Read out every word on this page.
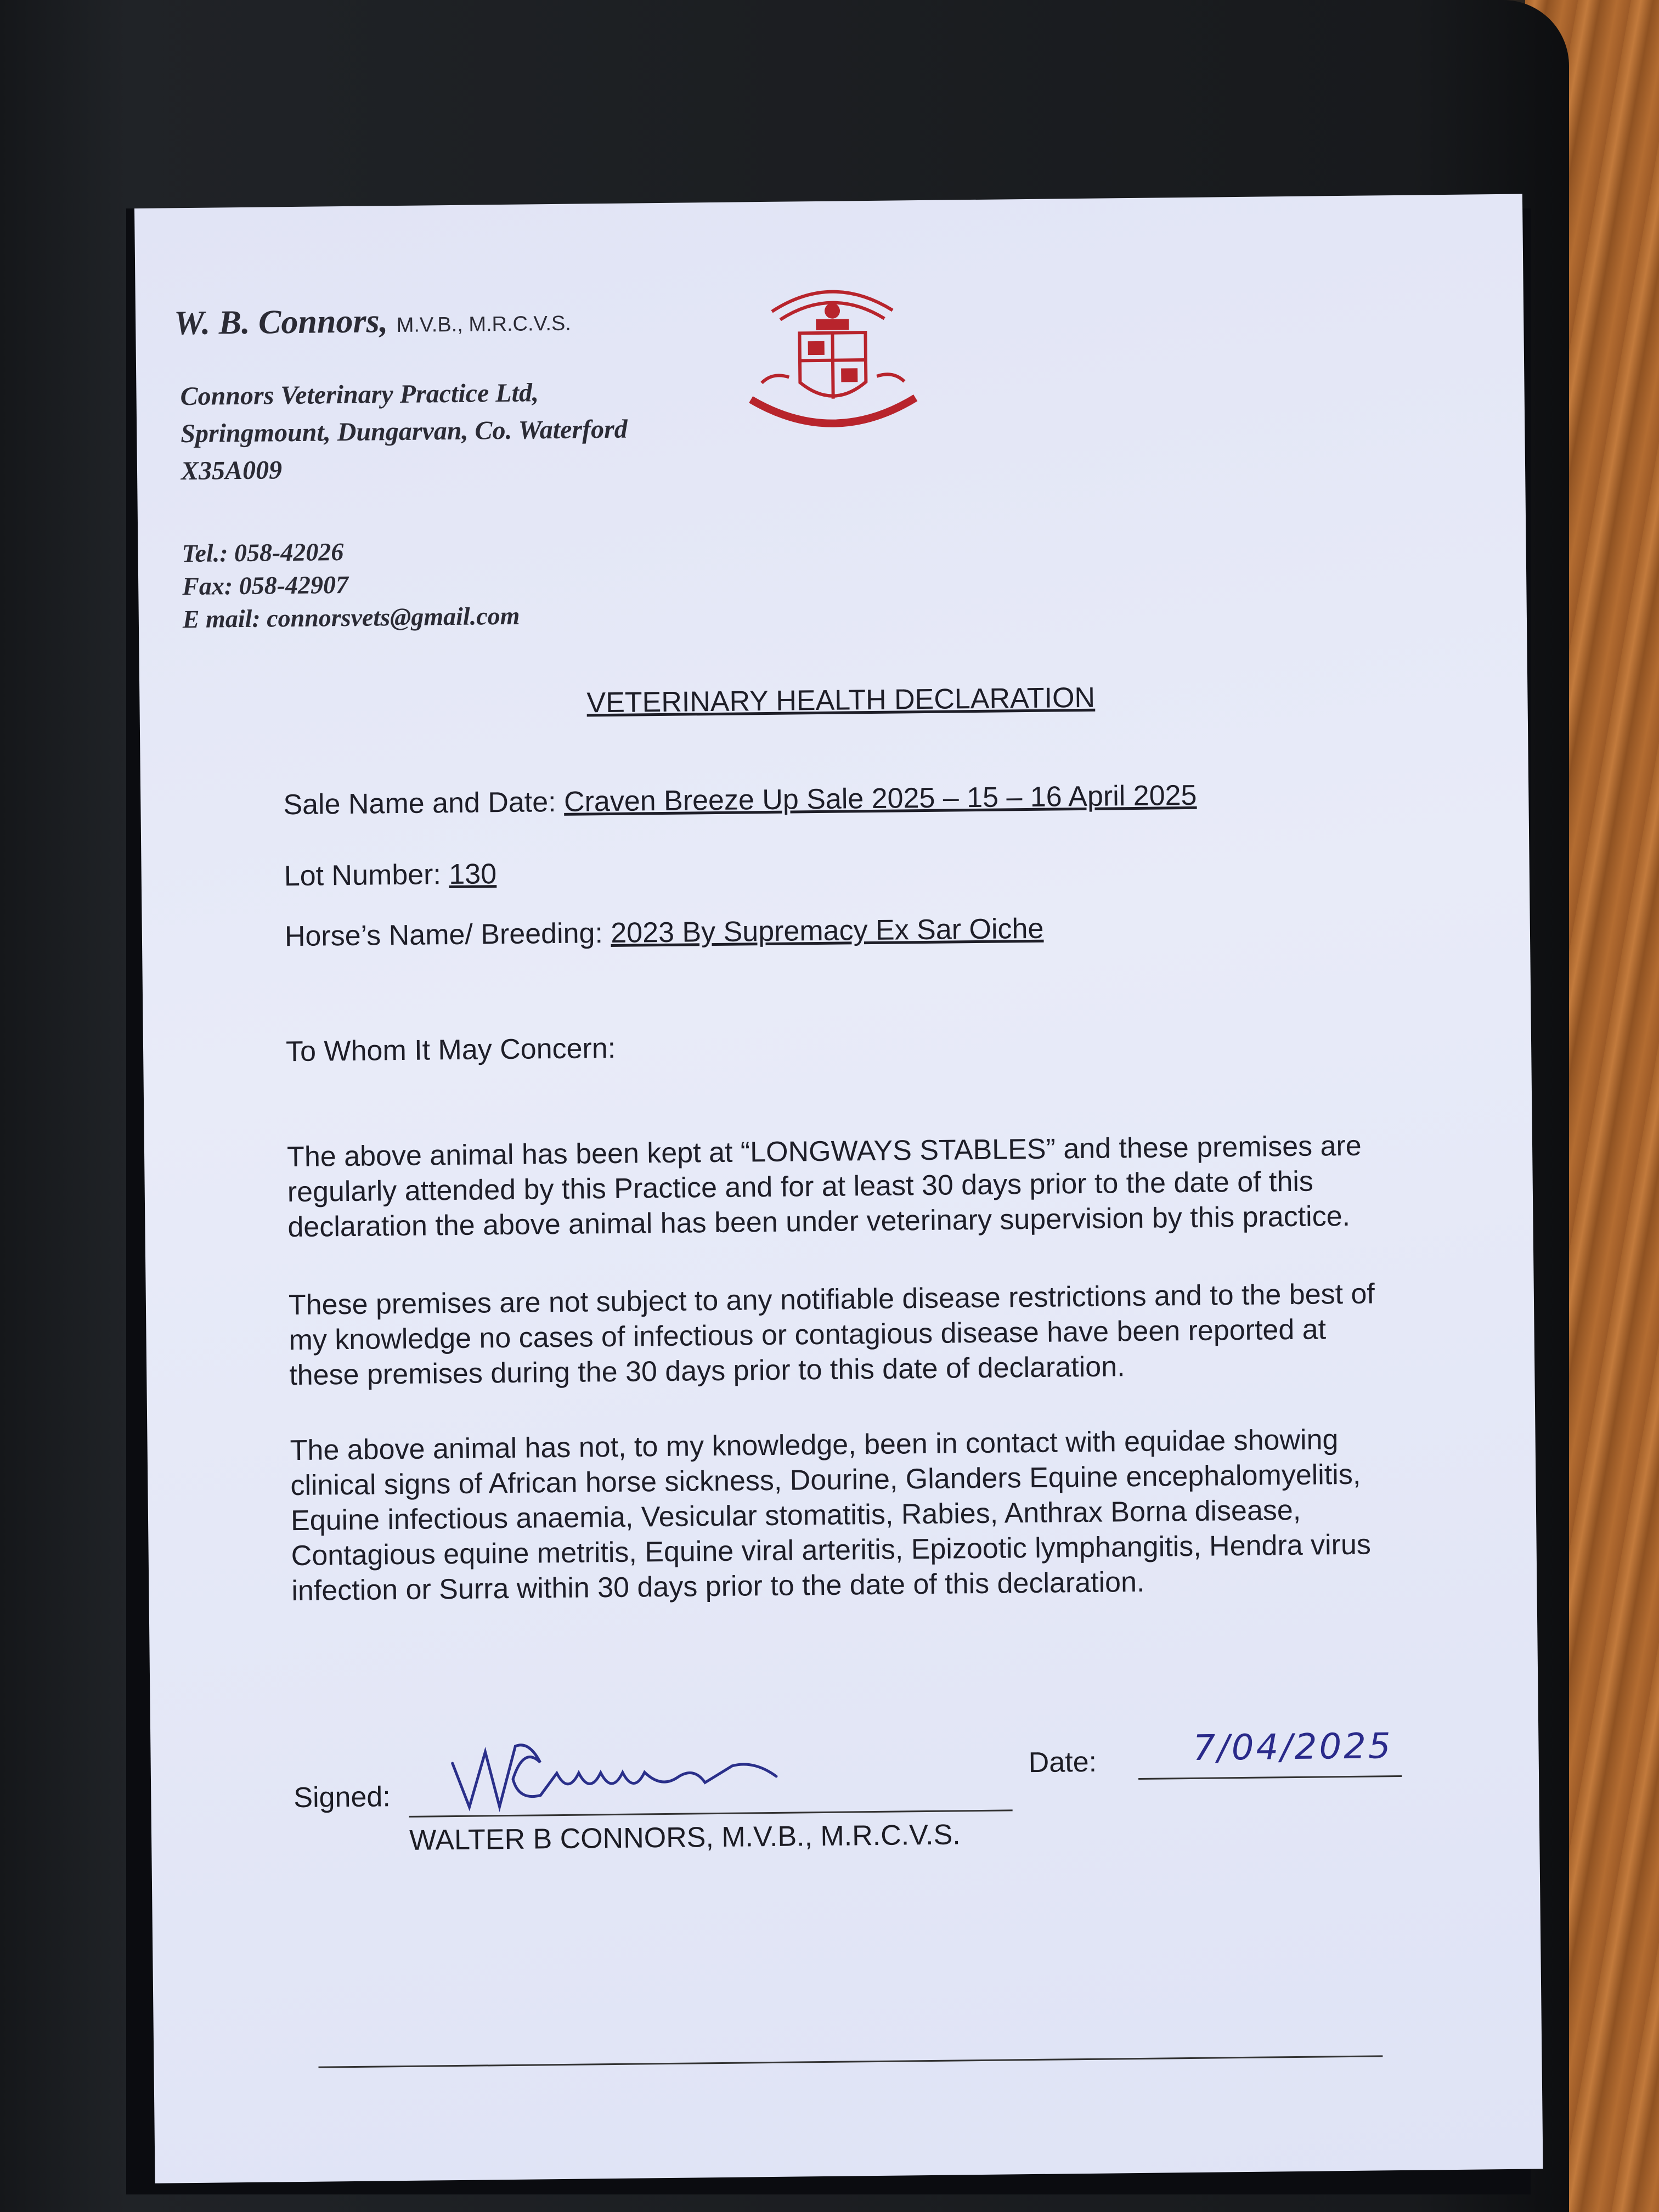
W. B. Connors, M.V.B., M.R.C.V.S.
Connors Veterinary Practice Ltd,
Springmount, Dungarvan, Co. Waterford
X35A009
Tel.: 058-42026
Fax: 058-42907
E mail: connorsvets@gmail.com
VETERINARY HEALTH DECLARATION
Sale Name and Date: Craven Breeze Up Sale 2025 – 15 – 16 April 2025
Lot Number: 130
Horse’s Name/ Breeding: 2023 By Supremacy Ex Sar Oiche
To Whom It May Concern:
The above animal has been kept at “LONGWAYS STABLES” and these premises are regularly attended by this Practice and for at least 30 days prior to the date of this declaration the above animal has been under veterinary supervision by this practice.
These premises are not subject to any notifiable disease restrictions and to the best of my knowledge no cases of infectious or contagious disease have been reported at these premises during the 30 days prior to this date of declaration.
The above animal has not, to my knowledge, been in contact with equidae showing clinical signs of African horse sickness, Dourine, Glanders Equine encephalomyelitis, Equine infectious anaemia, Vesicular stomatitis, Rabies, Anthrax Borna disease, Contagious equine metritis, Equine viral arteritis, Epizootic lymphangitis, Hendra virus infection or Surra within 30 days prior to the date of this declaration.
Signed:
Date:	7/04/2025
WALTER B CONNORS, M.V.B., M.R.C.V.S.
